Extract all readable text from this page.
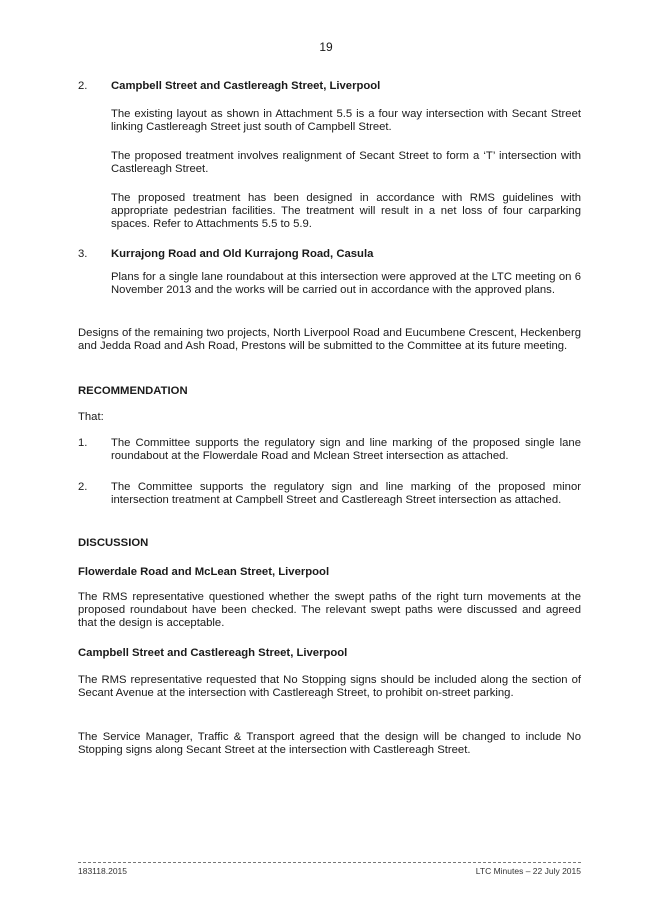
19
2. Campbell Street and Castlereagh Street, Liverpool

The existing layout as shown in Attachment 5.5 is a four way intersection with Secant Street linking Castlereagh Street just south of Campbell Street.

The proposed treatment involves realignment of Secant Street to form a ‘T’ intersection with Castlereagh Street.

The proposed treatment has been designed in accordance with RMS guidelines with appropriate pedestrian facilities. The treatment will result in a net loss of four carparking spaces. Refer to Attachments 5.5 to 5.9.

3. Kurrajong Road and Old Kurrajong Road, Casula

Plans for a single lane roundabout at this intersection were approved at the LTC meeting on 6 November 2013 and the works will be carried out in accordance with the approved plans.

Designs of the remaining two projects, North Liverpool Road and Eucumbene Crescent, Heckenberg and Jedda Road and Ash Road, Prestons will be submitted to the Committee at its future meeting.

RECOMMENDATION
That:
1. The Committee supports the regulatory sign and line marking of the proposed single lane roundabout at the Flowerdale Road and Mclean Street intersection as attached.

2. The Committee supports the regulatory sign and line marking of the proposed minor intersection treatment at Campbell Street and Castlereagh Street intersection as attached.

DISCUSSION
Flowerdale Road and McLean Street, Liverpool

The RMS representative questioned whether the swept paths of the right turn movements at the proposed roundabout have been checked. The relevant swept paths were discussed and agreed that the design is acceptable.

Campbell Street and Castlereagh Street, Liverpool

The RMS representative requested that No Stopping signs should be included along the section of Secant Avenue at the intersection with Castlereagh Street, to prohibit on-street parking.

The Service Manager, Traffic & Transport agreed that the design will be changed to include No Stopping signs along Secant Street at the intersection with Castlereagh Street.

183118.2015	LTC Minutes – 22 July 2015
